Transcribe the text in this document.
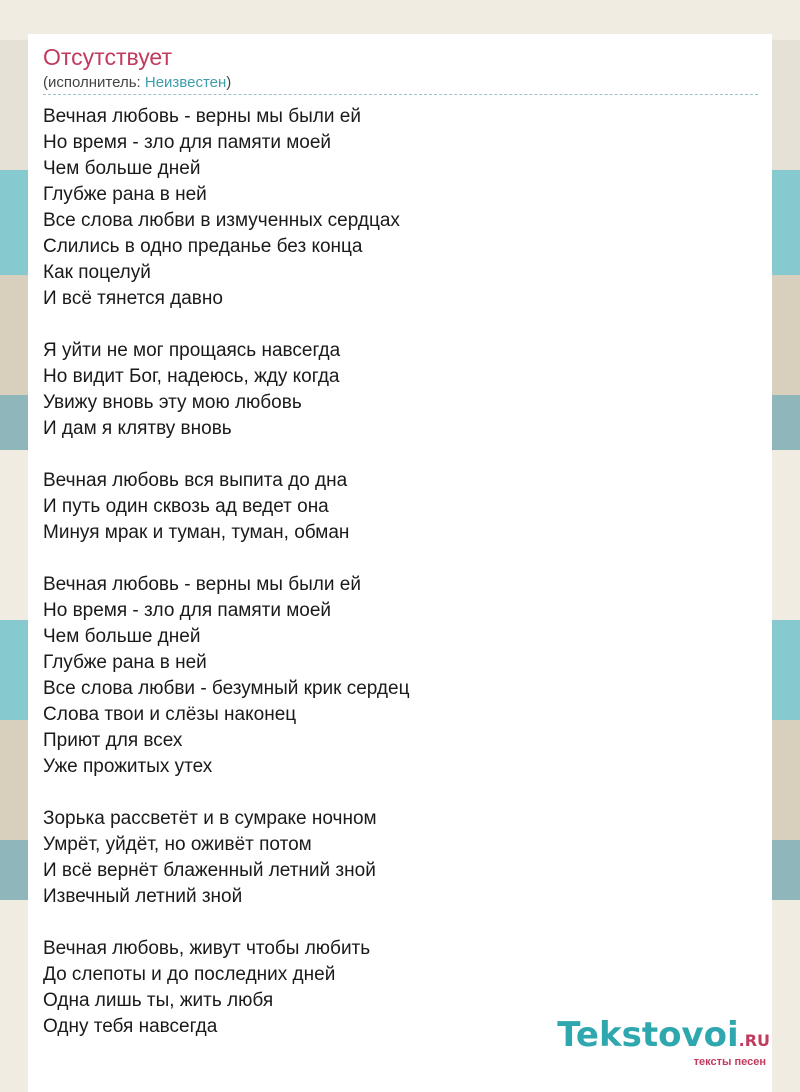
Отсутствует
(исполнитель: Неизвестен)
Вечная любовь - верны мы были ей
Но время - зло для памяти моей
Чем больше дней
Глубже рана в ней
Все слова любви в измученных сердцах
Слились в одно преданье без конца
Как поцелуй
И всё тянется давно
Я уйти не мог прощаясь навсегда
Но видит Бог, надеюсь, жду когда
Увижу вновь эту мою любовь
И дам я клятву вновь
Вечная любовь вся выпита до дна
И путь один сквозь ад ведет она
Минуя мрак и туман, туман, обман
Вечная любовь - верны мы были ей
Но время - зло для памяти моей
Чем больше дней
Глубже рана в ней
Все слова любви - безумный крик сердец
Слова твои и слёзы наконец
Приют для всех
Уже прожитых утех
Зорька рассветёт и в сумраке ночном
Умрёт, уйдёт, но оживёт потом
И всё вернёт блаженный летний зной
Извечный летний зной
Вечная любовь, живут чтобы любить
До слепоты и до последних дней
Одна лишь ты, жить любя
Одну тебя навсегда	Tekstovoi.RU
тексты песен
